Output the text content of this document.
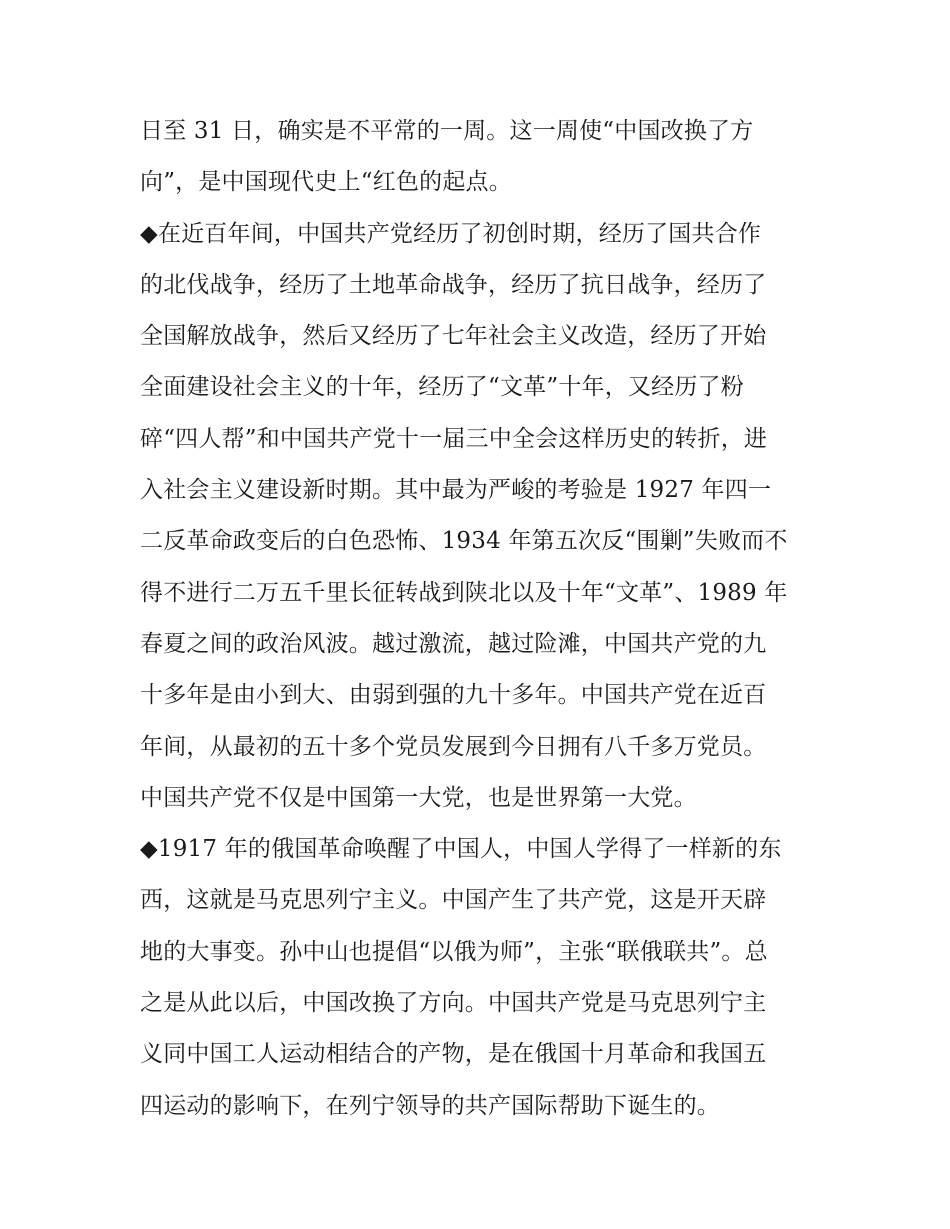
日至 31 日，确实是不平常的一周。这一周使“中国改换了方
向”，是中国现代史上“红色的起点。
◆在近百年间，中国共产党经历了初创时期，经历了国共合作
的北伐战争，经历了土地革命战争，经历了抗日战争，经历了
全国解放战争，然后又经历了七年社会主义改造，经历了开始
全面建设社会主义的十年，经历了“文革”十年，又经历了粉
碎“四人帮”和中国共产党十一届三中全会这样历史的转折，进
入社会主义建设新时期。其中最为严峻的考验是 1927 年四一
二反革命政变后的白色恐怖、1934 年第五次反“围剿”失败而不
得不进行二万五千里长征转战到陕北以及十年“文革”、1989 年
春夏之间的政治风波。越过激流，越过险滩，中国共产党的九
十多年是由小到大、由弱到强的九十多年。中国共产党在近百
年间，从最初的五十多个党员发展到今日拥有八千多万党员。
中国共产党不仅是中国第一大党，也是世界第一大党。
◆1917 年的俄国革命唤醒了中国人，中国人学得了一样新的东
西，这就是马克思列宁主义。中国产生了共产党，这是开天辟
地的大事变。孙中山也提倡“以俄为师”，主张“联俄联共”。总
之是从此以后，中国改换了方向。中国共产党是马克思列宁主
义同中国工人运动相结合的产物，是在俄国十月革命和我国五
四运动的影响下，在列宁领导的共产国际帮助下诞生的。
